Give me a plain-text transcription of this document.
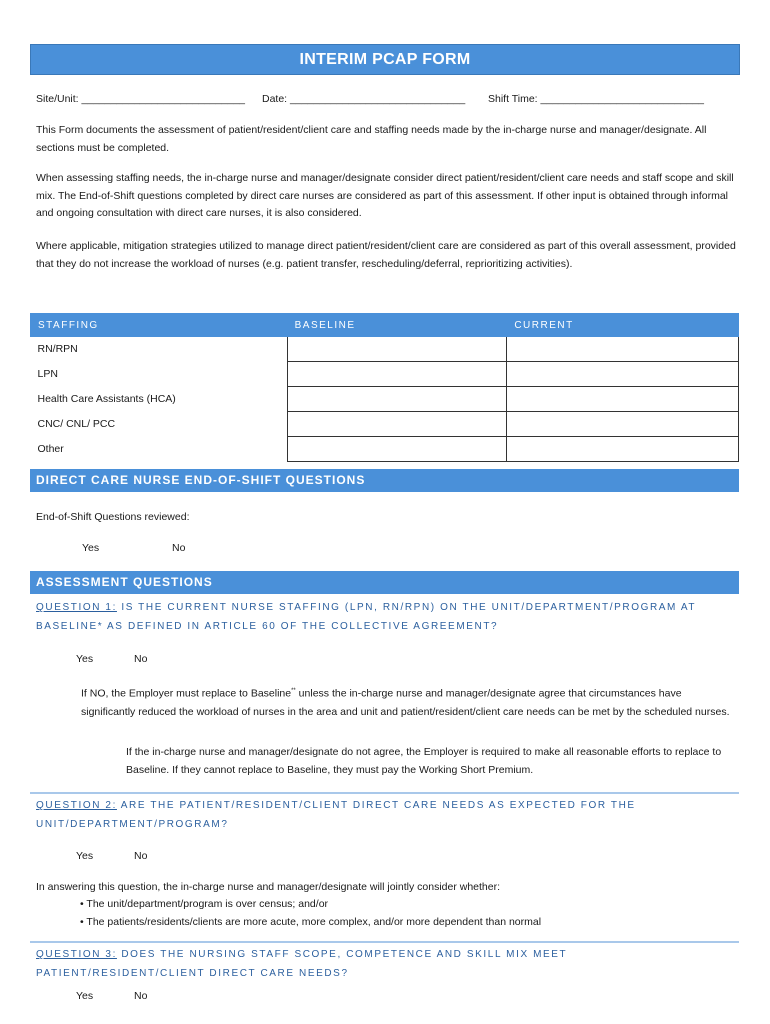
INTERIM PCAP FORM
Site/Unit: ____________________________ Date: ______________________________ Shift Time: ____________________________
This Form documents the assessment of patient/resident/client care and staffing needs made by the in-charge nurse and manager/designate. All sections must be completed.
When assessing staffing needs, the in-charge nurse and manager/designate consider direct patient/resident/client care needs and staff scope and skill mix. The End-of-Shift questions completed by direct care nurses are considered as part of this assessment. If other input is obtained through informal and ongoing consultation with direct care nurses, it is also considered.
Where applicable, mitigation strategies utilized to manage direct patient/resident/client care are considered as part of this overall assessment, provided that they do not increase the workload of nurses (e.g. patient transfer, rescheduling/deferral, reprioritizing activities).
STAFFING	BASELINE	CURRENT
RN/RPN		
LPN		
Health Care Assistants (HCA)		
CNC/ CNL/ PCC		
Other		
DIRECT CARE NURSE END-OF-SHIFT QUESTIONS
End-of-Shift Questions reviewed:
Yes	No
ASSESSMENT QUESTIONS
QUESTION 1: IS THE CURRENT NURSE STAFFING (LPN, RN/RPN) ON THE UNIT/DEPARTMENT/PROGRAM AT BASELINE* AS DEFINED IN ARTICLE 60 OF THE COLLECTIVE AGREEMENT?
Yes	No
If NO, the Employer must replace to Baseline** unless the in-charge nurse and manager/designate agree that circumstances have significantly reduced the workload of nurses in the area and unit and patient/resident/client care needs can be met by the scheduled nurses.
If the in-charge nurse and manager/designate do not agree, the Employer is required to make all reasonable efforts to replace to Baseline. If they cannot replace to Baseline, they must pay the Working Short Premium.
QUESTION 2: ARE THE PATIENT/RESIDENT/CLIENT DIRECT CARE NEEDS AS EXPECTED FOR THE UNIT/DEPARTMENT/PROGRAM?
Yes	No
In answering this question, the in-charge nurse and manager/designate will jointly consider whether:
• The unit/department/program is over census; and/or
• The patients/residents/clients are more acute, more complex, and/or more dependent than normal
QUESTION 3: DOES THE NURSING STAFF SCOPE, COMPETENCE AND SKILL MIX MEET PATIENT/RESIDENT/CLIENT DIRECT CARE NEEDS?
Yes	No
